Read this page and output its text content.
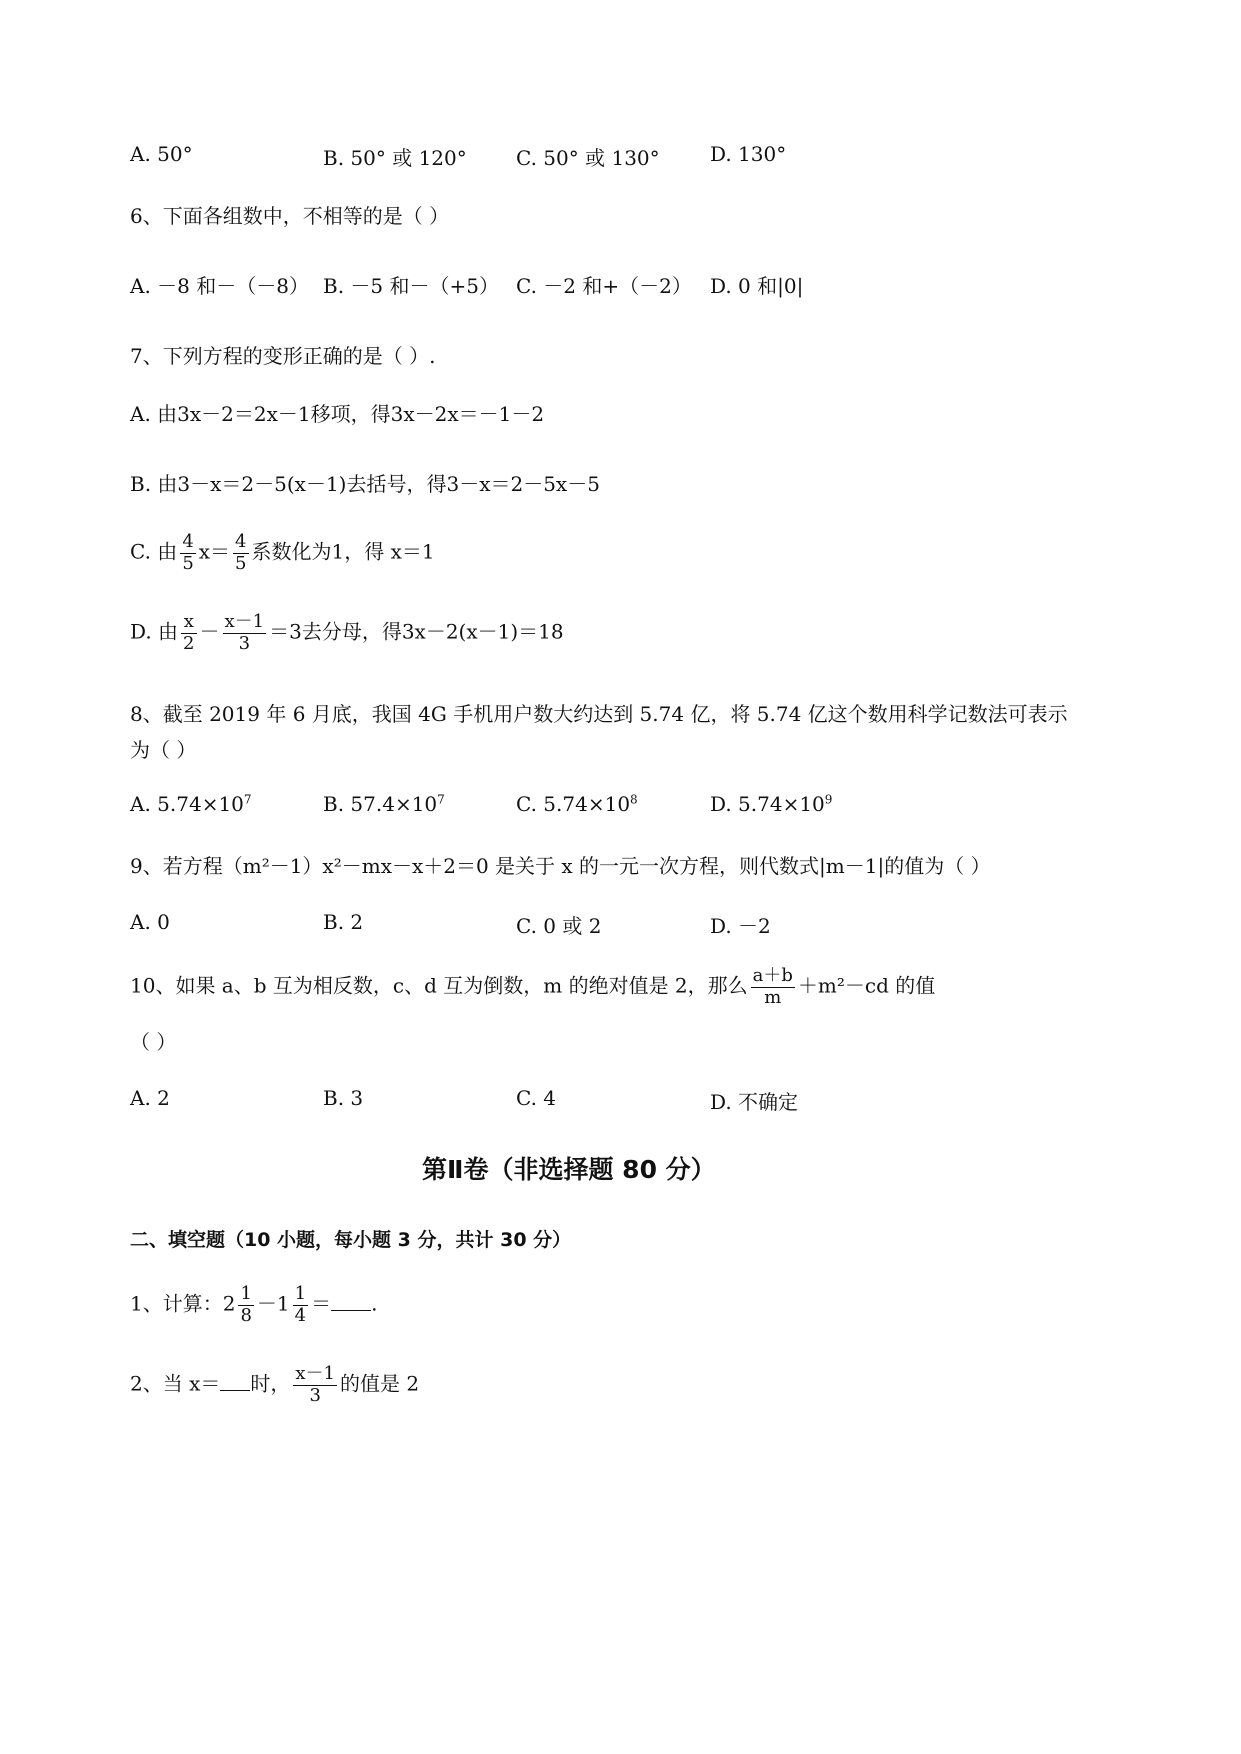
A. 50°	B. 50° 或 120° C. 50° 或 130°	D. 130°
6、下面各组数中，不相等的是（ ）
A. －8 和－（－8） B. －5 和－（+5） C. －2 和+（－2） D. 0 和|0|
7、下列方程的变形正确的是（ ）.
A. 由3x－2＝2x－1移项，得3x－2x＝－1－2
B. 由3－x＝2－5(x－1)去括号，得3－x＝2－5x－5
C. 由 $\frac{4}{5} x= \frac{4}{5}$ 系数化为1，得 x＝1
D. 由 $\frac{x}{2} - \frac{x-1}{3} =3$去分母，得3x－2(x－1)＝18
8、截至 2019 年 6 月底，我国 4G 手机用户数大约达到 5.74 亿，将 5.74 亿这个数用科学记数法可表示
为（ ）
A. $5.74\times 10^7$	B. $57.4\times 10^7$	C. $5.74\times 10^8$	D. $5.74\times 10^9$
9、若方程（m²－1）x²－mx－x＋2＝0 是关于 x 的一元一次方程，则代数式|m－1|的值为（ ）
A. 0	B. 2	C. 0 或 2	D. －2
10、如果 a、b 互为相反数，c、d 互为倒数，m 的绝对值是 2，那么 $\frac{a+b}{m} +m^2-cd$ 的值
（ ）
A. 2	B. 3	C. 4	D. 不确定
第Ⅱ卷（非选择题 80 分）
二、填空题（10 小题，每小题 3 分，共计 30 分）
1、计算：$2 \frac{1}{8} -1 \frac{1}{4}$ ＝ .
2、当 x＝ 时， $\frac{x-1}{3}$ 的值是 2
